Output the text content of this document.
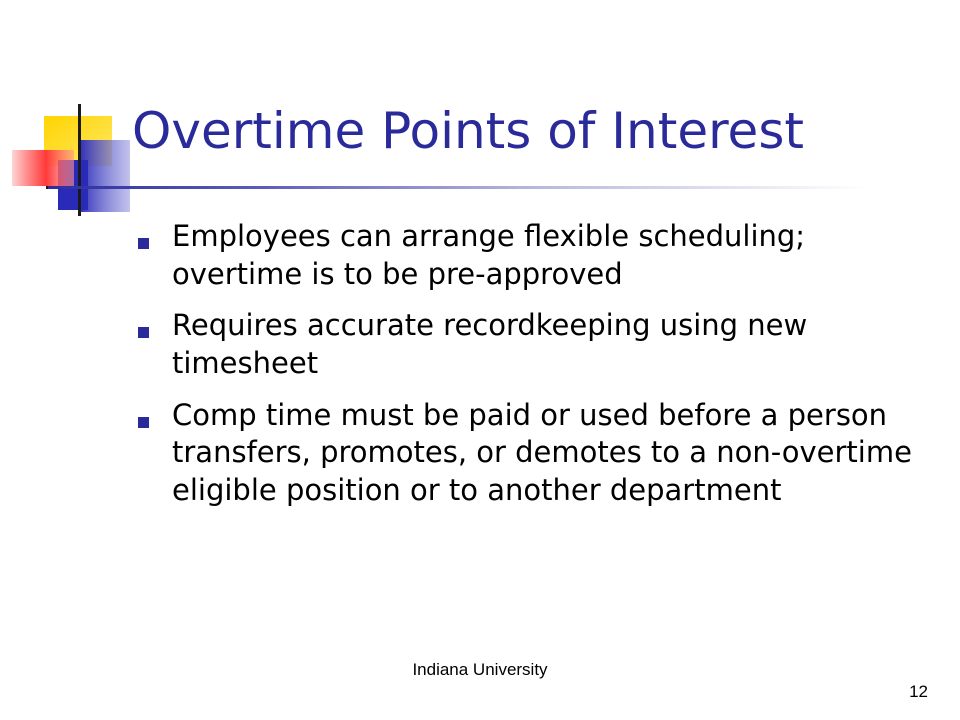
Overtime Points of Interest
Employees can arrange flexible scheduling; overtime is to be pre-approved
Requires accurate recordkeeping using new timesheet
Comp time must be paid or used before a person transfers, promotes, or demotes to a non-overtime eligible position or to another department
Indiana University
12
